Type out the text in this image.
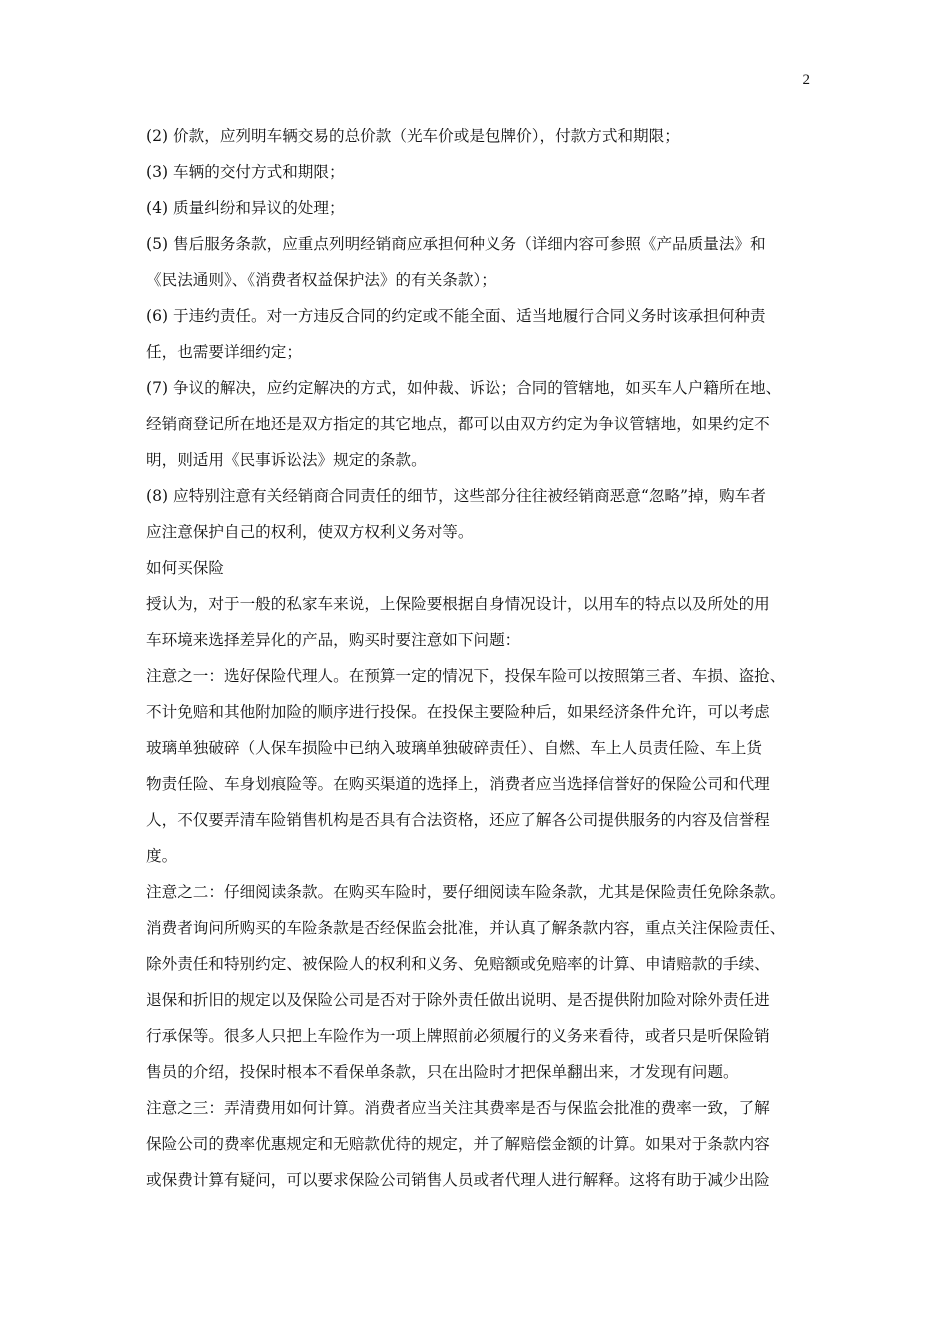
2
(2) 价款，应列明车辆交易的总价款（光车价或是包牌价），付款方式和期限；
(3) 车辆的交付方式和期限；
(4) 质量纠纷和异议的处理；
(5) 售后服务条款，应重点列明经销商应承担何种义务（详细内容可参照《产品质量法》和
《民法通则》、《消费者权益保护法》的有关条款）；
(6) 于违约责任。对一方违反合同的约定或不能全面、适当地履行合同义务时该承担何种责
任，也需要详细约定；
(7) 争议的解决，应约定解决的方式，如仲裁、诉讼；合同的管辖地，如买车人户籍所在地、
经销商登记所在地还是双方指定的其它地点，都可以由双方约定为争议管辖地，如果约定不
明，则适用《民事诉讼法》规定的条款。
(8) 应特别注意有关经销商合同责任的细节，这些部分往往被经销商恶意“忽略”掉，购车者
应注意保护自己的权利，使双方权利义务对等。
如何买保险
授认为，对于一般的私家车来说，上保险要根据自身情况设计，以用车的特点以及所处的用
车环境来选择差异化的产品，购买时要注意如下问题：
注意之一：选好保险代理人。在预算一定的情况下，投保车险可以按照第三者、车损、盗抢、
不计免赔和其他附加险的顺序进行投保。在投保主要险种后，如果经济条件允许，可以考虑
玻璃单独破碎（人保车损险中已纳入玻璃单独破碎责任）、自燃、车上人员责任险、车上货
物责任险、车身划痕险等。在购买渠道的选择上，消费者应当选择信誉好的保险公司和代理
人，不仅要弄清车险销售机构是否具有合法资格，还应了解各公司提供服务的内容及信誉程
度。
注意之二：仔细阅读条款。在购买车险时，要仔细阅读车险条款，尤其是保险责任免除条款。
消费者询问所购买的车险条款是否经保监会批准，并认真了解条款内容，重点关注保险责任、
除外责任和特别约定、被保险人的权利和义务、免赔额或免赔率的计算、申请赔款的手续、
退保和折旧的规定以及保险公司是否对于除外责任做出说明、是否提供附加险对除外责任进
行承保等。很多人只把上车险作为一项上牌照前必须履行的义务来看待，或者只是听保险销
售员的介绍，投保时根本不看保单条款，只在出险时才把保单翻出来，才发现有问题。
注意之三：弄清费用如何计算。消费者应当关注其费率是否与保监会批准的费率一致，了解
保险公司的费率优惠规定和无赔款优待的规定，并了解赔偿金额的计算。如果对于条款内容
或保费计算有疑问，可以要求保险公司销售人员或者代理人进行解释。这将有助于减少出险
